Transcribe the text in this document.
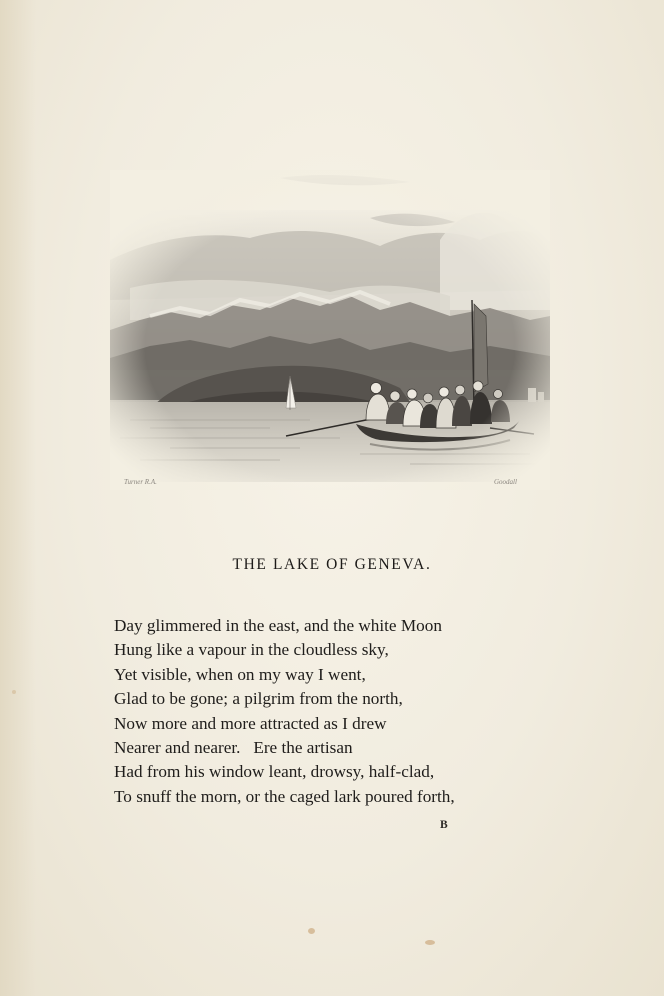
Turner R.A.	Goodall
THE LAKE OF GENEVA.
Day glimmered in the east, and the white Moon
Hung like a vapour in the cloudless sky,
Yet visible, when on my way I went,
Glad to be gone; a pilgrim from the north,
Now more and more attracted as I drew
Nearer and nearer.   Ere the artisan
Had from his window leant, drowsy, half-clad,
To snuff the morn, or the caged lark poured forth,
B
